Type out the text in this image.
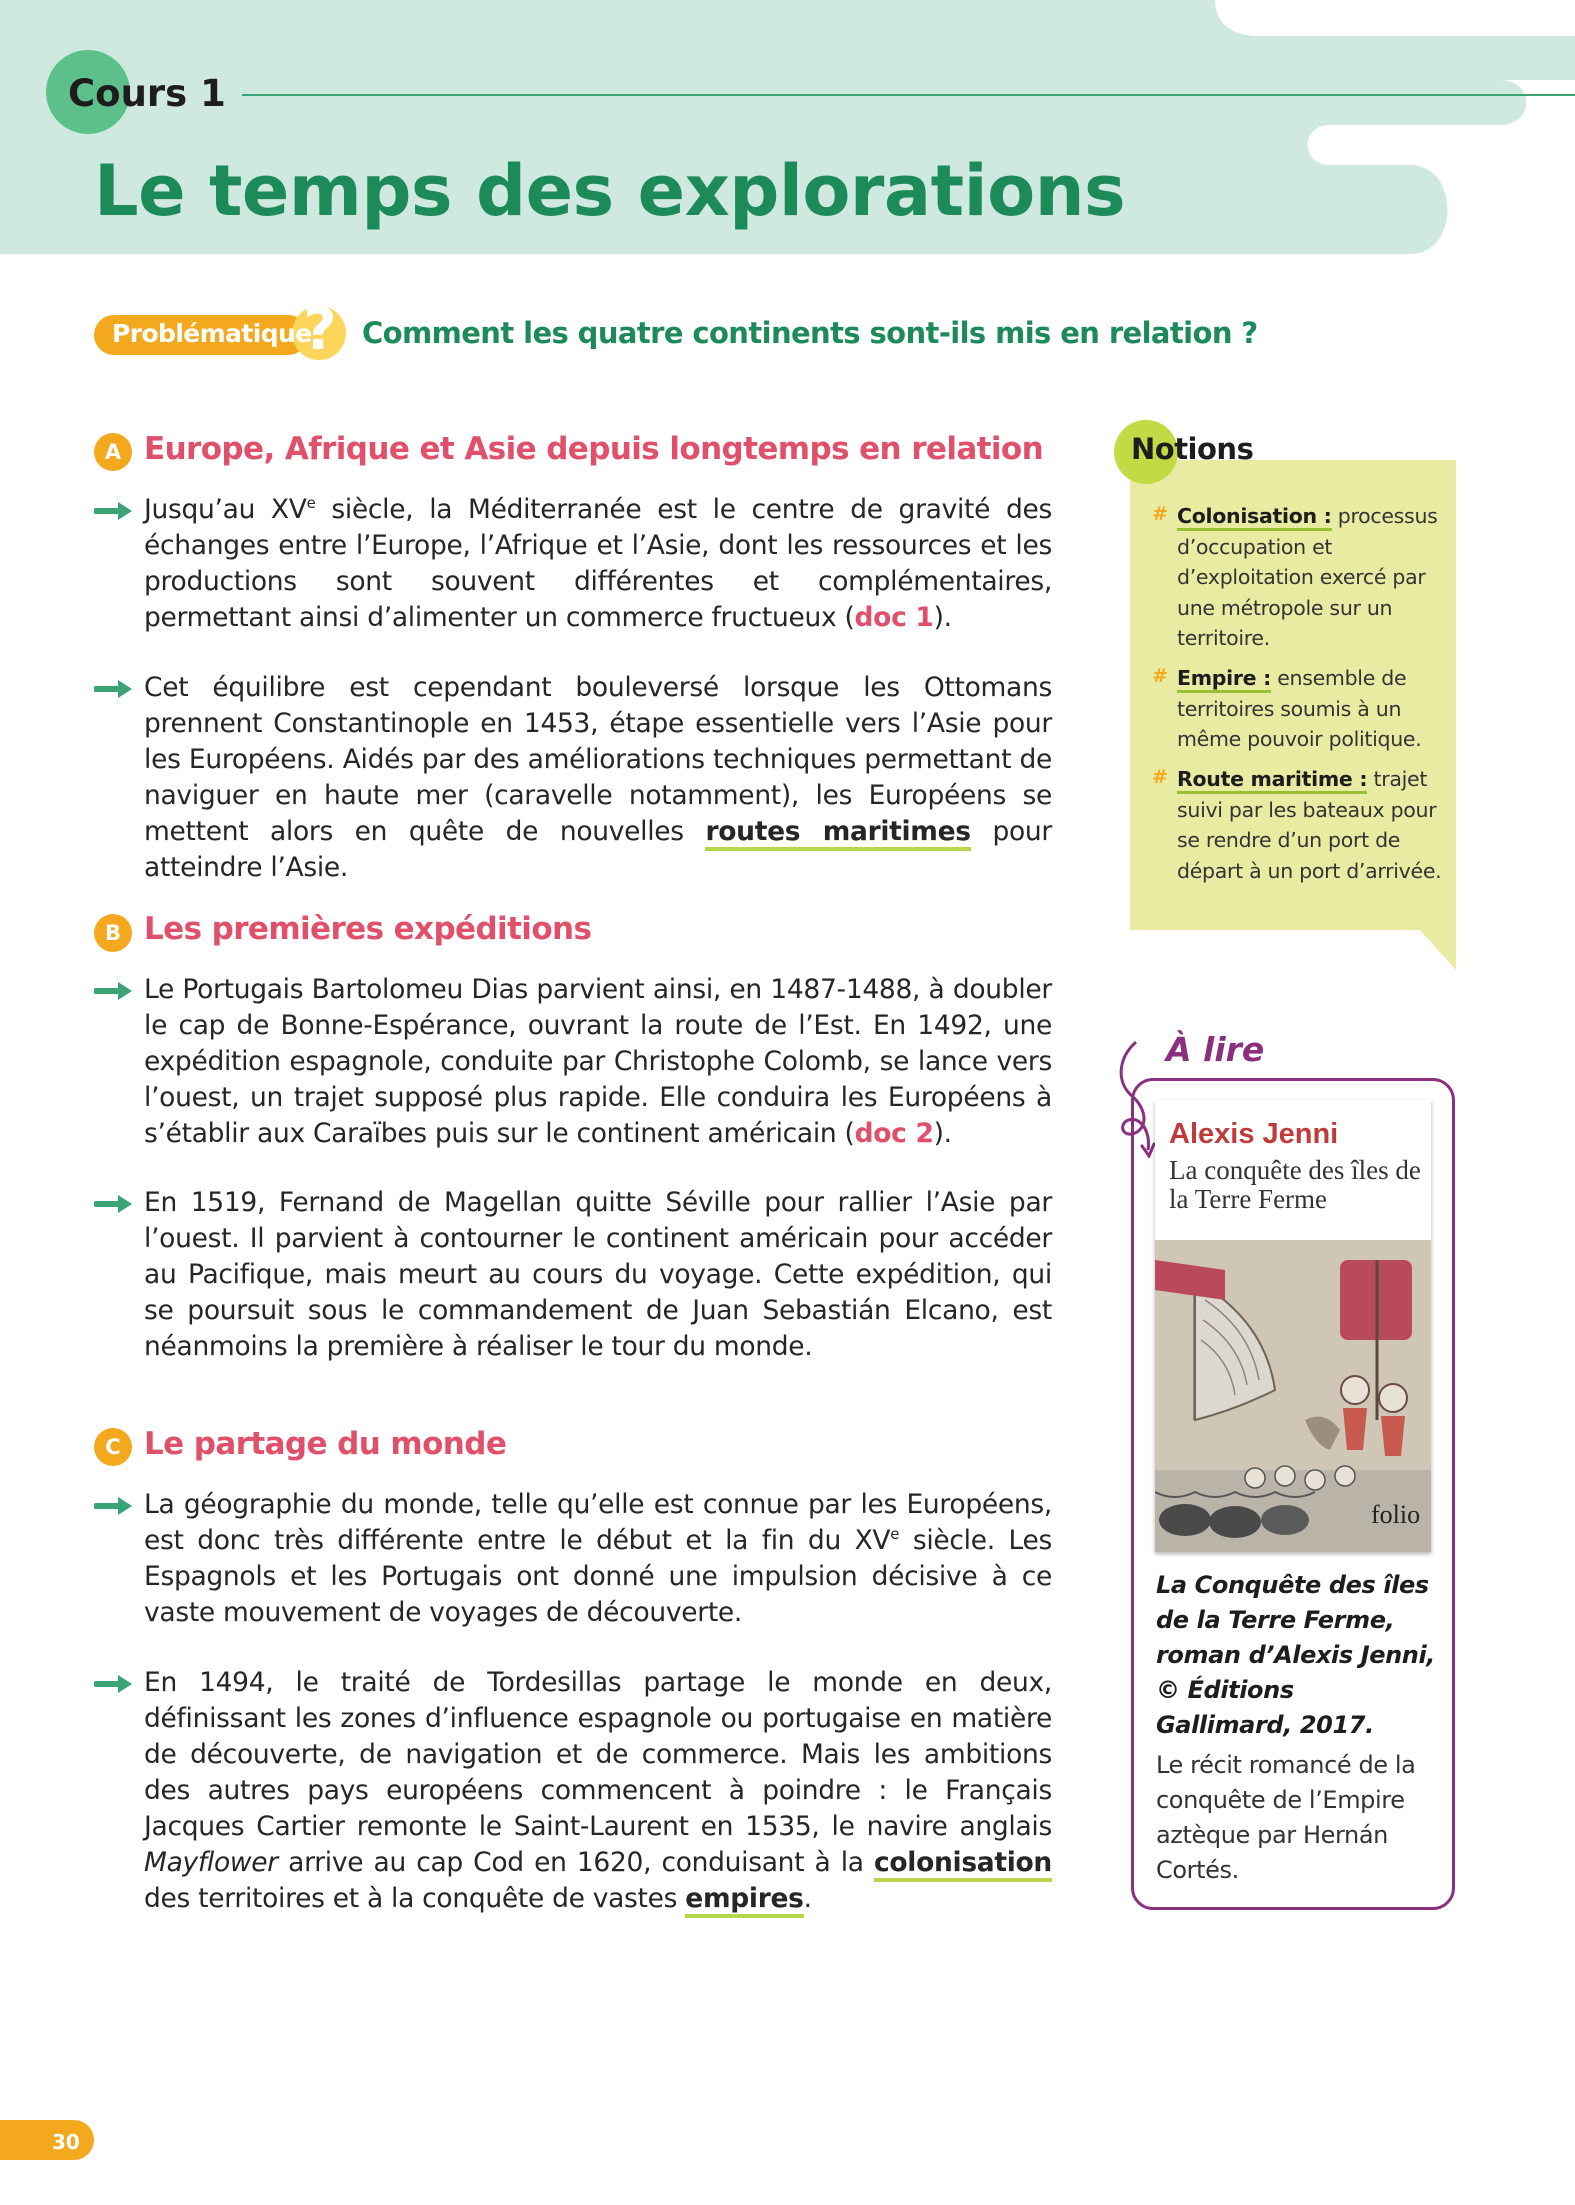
Cours 1
Le temps des explorations
?
Problématique Comment les quatre continents sont-ils mis en relation ?
A Europe, Afrique et Asie depuis longtemps en relation

Jusqu’au XVe siècle, la Méditerranée est le centre de gravité des échanges entre l’Europe, l’Afrique et l’Asie, dont les ressources et les productions sont souvent différentes et complémentaires, permettant ainsi d’alimenter un commerce fructueux (doc 1).

Cet équilibre est cependant bouleversé lorsque les Ottomans prennent Constantinople en 1453, étape essentielle vers l’Asie pour les Européens. Aidés par des améliorations techniques permettant de naviguer en haute mer (caravelle notamment), les Européens se mettent alors en quête de nouvelles routes maritimes pour atteindre l’Asie.

B Les premières expéditions

Le Portugais Bartolomeu Dias parvient ainsi, en 1487-1488, à doubler le cap de Bonne-Espérance, ouvrant la route de l’Est. En 1492, une expédition espagnole, conduite par Christophe Colomb, se lance vers l’ouest, un trajet supposé plus rapide. Elle conduira les Européens à s’établir aux Caraïbes puis sur le continent américain (doc 2).

En 1519, Fernand de Magellan quitte Séville pour rallier l’Asie par l’ouest. Il parvient à contourner le continent américain pour accéder au Pacifique, mais meurt au cours du voyage. Cette expédition, qui se poursuit sous le commandement de Juan Sebastián Elcano, est néanmoins la première à réaliser le tour du monde.

C Le partage du monde

La géographie du monde, telle qu’elle est connue par les Européens, est donc très différente entre le début et la fin du XVe siècle. Les Espagnols et les Portugais ont donné une impulsion décisive à ce vaste mouvement de voyages de découverte.

En 1494, le traité de Tordesillas partage le monde en deux, définissant les zones d’influence espagnole ou portugaise en matière de découverte, de navigation et de commerce. Mais les ambitions des autres pays européens commencent à poindre : le Français Jacques Cartier remonte le Saint-Laurent en 1535, le navire anglais Mayflower arrive au cap Cod en 1620, conduisant à la colonisation des territoires et à la conquête de vastes empires.

Notions
# Colonisation : processus d’occupation et d’exploitation exercé par une métropole sur un territoire.
# Empire : ensemble de territoires soumis à un même pouvoir politique.
# Route maritime : trajet suivi par les bateaux pour se rendre d’un port de départ à un port d’arrivée.
À lire
Alexis Jenni
La conquête des îles de la Terre Ferme
folio
La Conquête des îles de la Terre Ferme, roman d’Alexis Jenni, © Éditions Gallimard, 2017.
Le récit romancé de la conquête de l’Empire aztèque par Hernán Cortés.
30
